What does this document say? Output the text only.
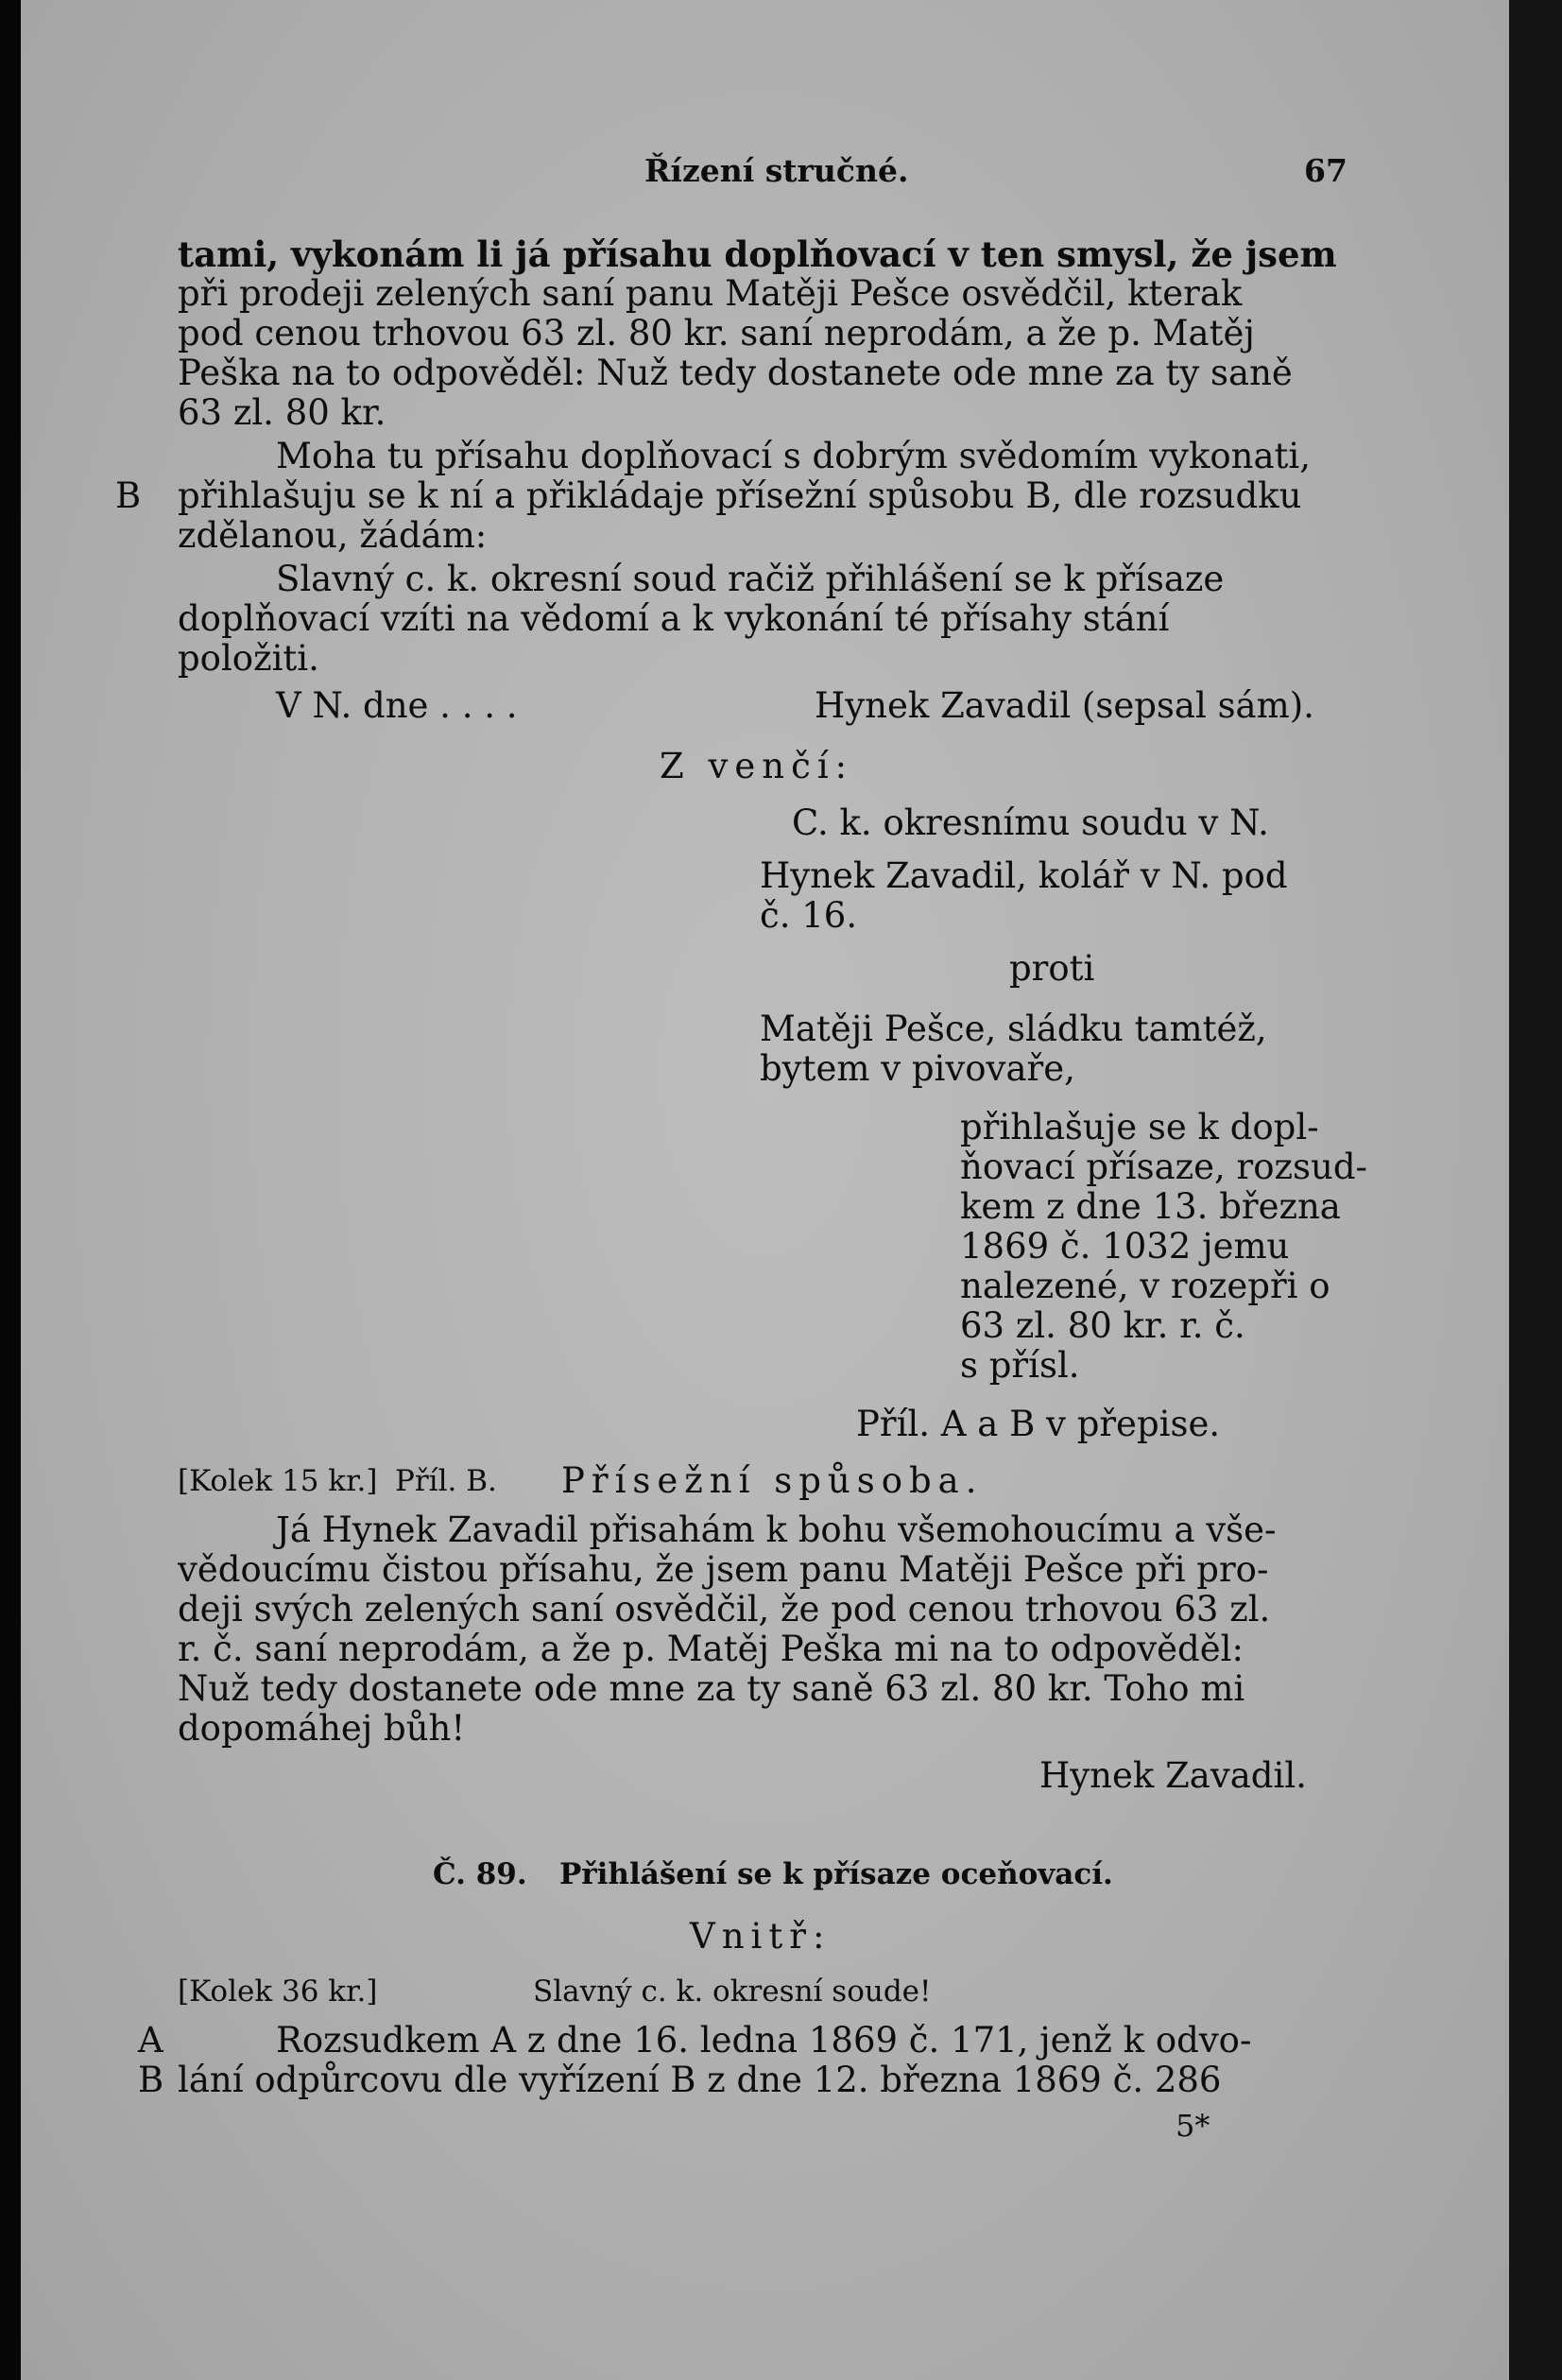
Řízení stručné.	67
tami, vykonám li já přísahu doplňovací v ten smysl, že jsem
při prodeji zelených saní panu Matěji Pešce osvědčil, kterak
pod cenou trhovou 63 zl. 80 kr. saní neprodám, a že p. Matěj
Peška na to odpověděl: Nuž tedy dostanete ode mne za ty saně
63 zl. 80 kr.
Moha tu přísahu doplňovací s dobrým svědomím vykonati,
B přihlašuju se k ní a přikládaje přísežní spůsobu B, dle rozsudku
zdělanou, žádám:
Slavný c. k. okresní soud račiž přihlášení se k přísaze
doplňovací vzíti na vědomí a k vykonání té přísahy stání
položiti.
V N. dne . . . .	Hynek Zavadil (sepsal sám).
Z venčí:
C. k. okresnímu soudu v N.
Hynek Zavadil, kolář v N. pod
č. 16.
proti
Matěji Pešce, sládku tamtéž,
bytem v pivovaře,
přihlašuje se k dopl-
ňovací přísaze, rozsud-
kem z dne 13. března
1869 č. 1032 jemu
nalezené, v rozepři o
63 zl. 80 kr. r. č.
s přísl.
Příl. A a B v přepise.
[Kolek 15 kr.] Příl. B. Přísežní spůsoba.
Já Hynek Zavadil přisahám k bohu všemohoucímu a vše-
vědoucímu čistou přísahu, že jsem panu Matěji Pešce při pro-
deji svých zelených saní osvědčil, že pod cenou trhovou 63 zl.
r. č. saní neprodám, a že p. Matěj Peška mi na to odpověděl:
Nuž tedy dostanete ode mne za ty saně 63 zl. 80 kr. Toho mi
dopomáhej bůh!
Hynek Zavadil.
Č. 89. Přihlášení se k přísaze oceňovací.
Vnitř:
[Kolek 36 kr.]	Slavný c. k. okresní soude!
A	Rozsudkem A z dne 16. ledna 1869 č. 171, jenž k odvo-
B lání odpůrcovu dle vyřízení B z dne 12. března 1869 č. 286
5*
